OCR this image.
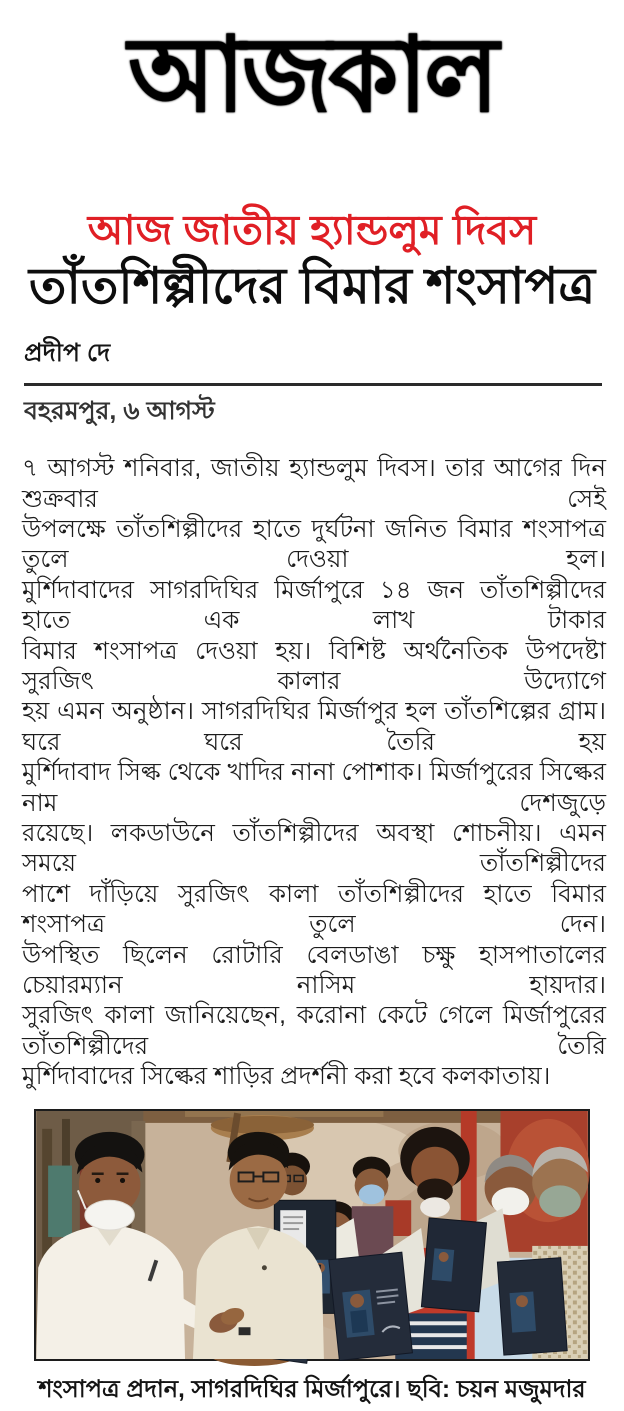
আজকাল
আজ জাতীয় হ্যান্ডলুম দিবস
তাঁতশিল্পীদের বিমার শংসাপত্র
প্রদীপ দে
বহরমপুর, ৬ আগস্ট
৭ আগস্ট শনিবার, জাতীয় হ্যান্ডলুম দিবস। তার আগের দিন শুক্রবার সেই
উপলক্ষে তাঁতশিল্পীদের হাতে দুর্ঘটনা জনিত বিমার শংসাপত্র তুলে দেওয়া হল।
মুর্শিদাবাদের সাগরদিঘির মির্জাপুরে ১৪ জন তাঁতশিল্পীদের হাতে এক লাখ টাকার
বিমার শংসাপত্র দেওয়া হয়। বিশিষ্ট অর্থনৈতিক উপদেষ্টা সুরজিৎ কালার উদ্যোগে
হয় এমন অনুষ্ঠান। সাগরদিঘির মির্জাপুর হল তাঁতশিল্পের গ্রাম। ঘরে ঘরে তৈরি হয়
মুর্শিদাবাদ সিল্ক থেকে খাদির নানা পোশাক। মির্জাপুরের সিল্কের নাম দেশজুড়ে
রয়েছে। লকডাউনে তাঁতশিল্পীদের অবস্থা শোচনীয়। এমন সময়ে তাঁতশিল্পীদের
পাশে দাঁড়িয়ে সুরজিৎ কালা তাঁতশিল্পীদের হাতে বিমার শংসাপত্র তুলে দেন।
উপস্থিত ছিলেন রোটারি বেলডাঙা চক্ষু হাসপাতালের চেয়ারম্যান নাসিম হায়দার।
সুরজিৎ কালা জানিয়েছেন, করোনা কেটে গেলে মির্জাপুরের তাঁতশিল্পীদের তৈরি
মুর্শিদাবাদের সিল্কের শাড়ির প্রদর্শনী করা হবে কলকাতায়।
শংসাপত্র প্রদান, সাগরদিঘির মির্জাপুরে। ছবি: চয়ন মজুমদার
